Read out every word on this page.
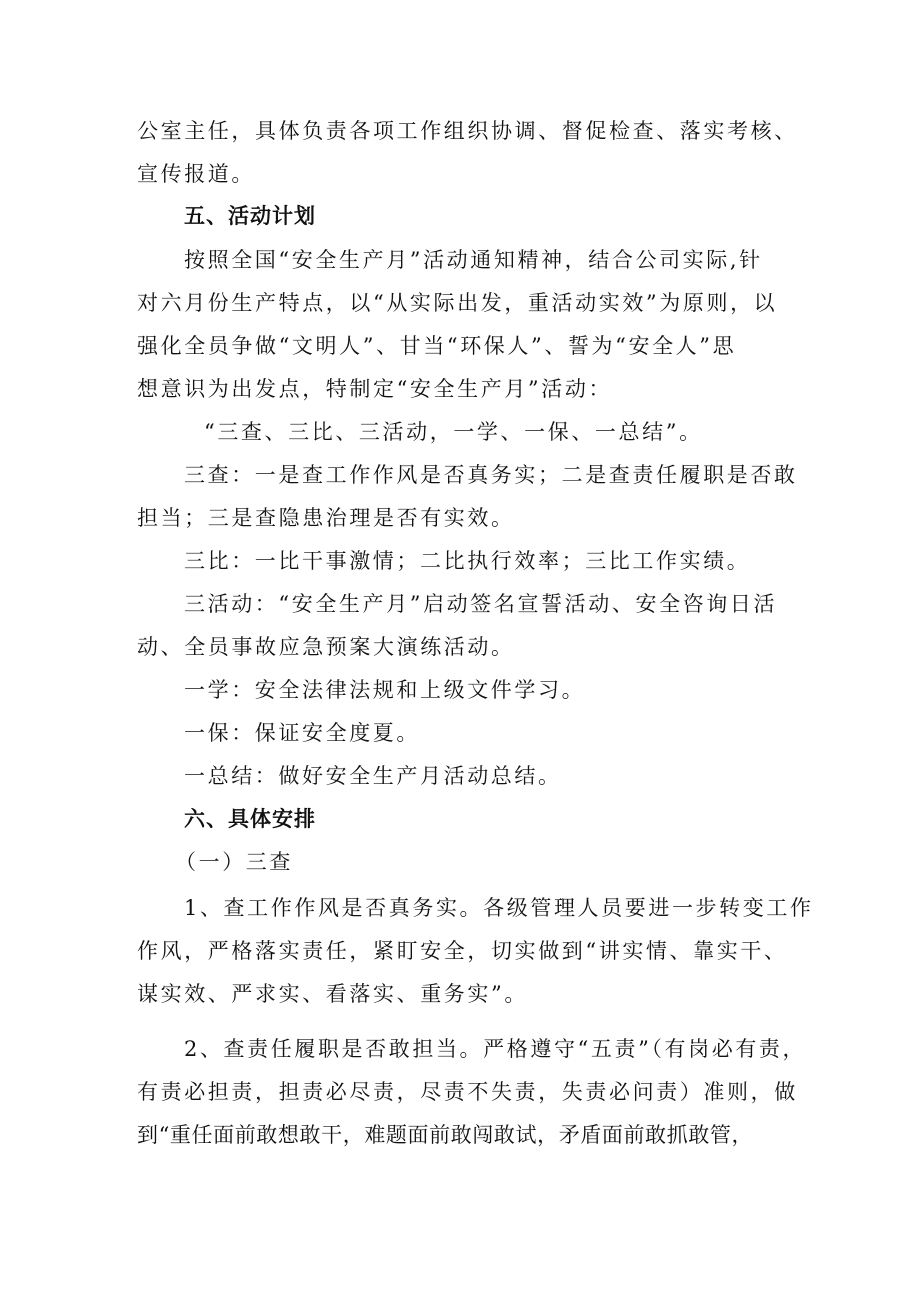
公室主任，具体负责各项工作组织协调、督促检查、落实考核、
宣传报道。
五、活动计划
按照全国“安全生产月”活动通知精神，结合公司实际,针
对六月份生产特点，以“从实际出发，重活动实效”为原则，以
强化全员争做“文明人”、甘当“环保人”、誓为“安全人”思
想意识为出发点，特制定“安全生产月”活动：
“三查、三比、三活动，一学、一保、一总结”。
三查：一是查工作作风是否真务实；二是查责任履职是否敢
担当；三是查隐患治理是否有实效。
三比：一比干事激情；二比执行效率；三比工作实绩。
三活动：“安全生产月”启动签名宣誓活动、安全咨询日活
动、全员事故应急预案大演练活动。
一学：安全法律法规和上级文件学习。
一保：保证安全度夏。
一总结：做好安全生产月活动总结。
六、具体安排
（一）三查
1、查工作作风是否真务实。各级管理人员要进一步转变工作
作风，严格落实责任，紧盯安全，切实做到“讲实情、靠实干、
谋实效、严求实、看落实、重务实”。
2、查责任履职是否敢担当。严格遵守“五责”（有岗必有责，
有责必担责，担责必尽责，尽责不失责，失责必问责）准则，做
到“重任面前敢想敢干，难题面前敢闯敢试，矛盾面前敢抓敢管，
